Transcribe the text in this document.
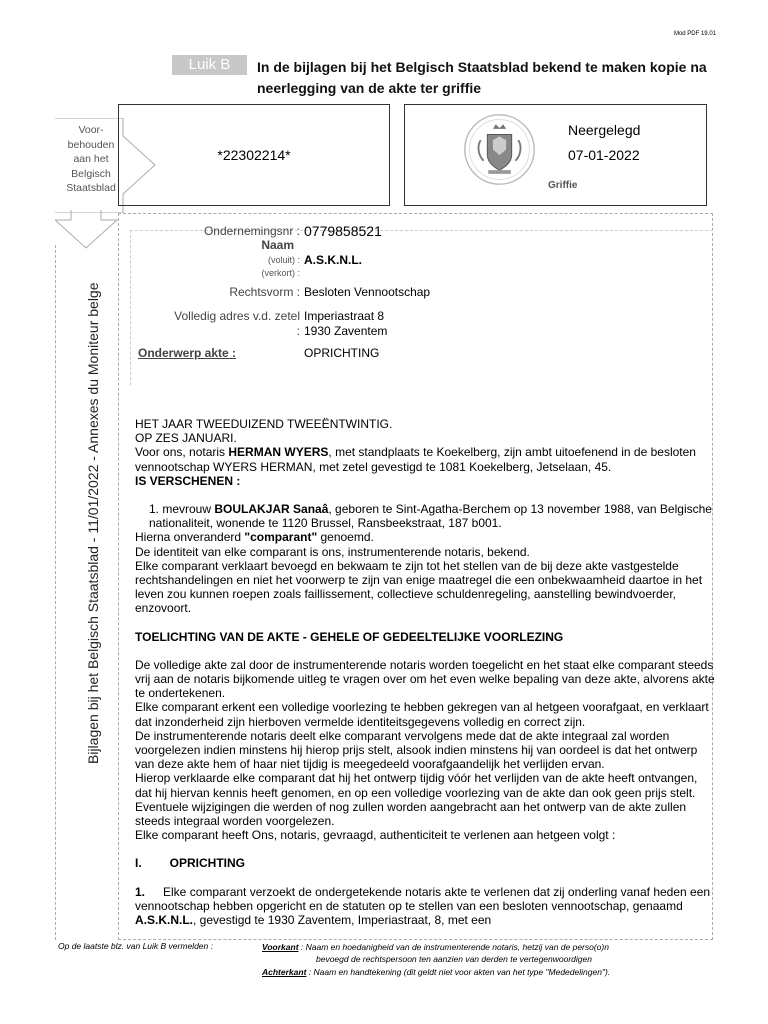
Mod PDF 19.01
Luik B	In de bijlagen bij het Belgisch Staatsblad bekend te maken kopie na neerlegging van de akte ter griffie
Voor-behouden aan het Belgisch Staatsblad
*22302214*
Neergelegd
07-01-2022
Griffie
Bijlagen bij het Belgisch Staatsblad - 11/01/2022 - Annexes du Moniteur belge
Ondernemingsnr : 0779858521
Naam
(voluit) : A.S.K.N.L.
(verkort) :
Rechtsvorm : Besloten Vennootschap
Volledig adres v.d. zetel Imperiastraat 8
: 1930 Zaventem
Onderwerp akte :	OPRICHTING

HET JAAR TWEEDUIZEND TWEEËNTWINTIG.

OP ZES JANUARI.

Voor ons, notaris HERMAN WYERS, met standplaats te Koekelberg, zijn ambt uitoefenend in de besloten vennootschap WYERS HERMAN, met zetel gevestigd te 1081 Koekelberg, Jetselaan, 45.

IS VERSCHENEN :

1. mevrouw BOULAKJAR Sanaâ, geboren te Sint-Agatha-Berchem op 13 november 1988, van Belgische nationaliteit, wonende te 1120 Brussel, Ransbeekstraat, 187 b001.

Hierna onveranderd "comparant" genoemd.

De identiteit van elke comparant is ons, instrumenterende notaris, bekend.

Elke comparant verklaart bevoegd en bekwaam te zijn tot het stellen van de bij deze akte vastgestelde rechtshandelingen en niet het voorwerp te zijn van enige maatregel die een onbekwaamheid daartoe in het leven zou kunnen roepen zoals faillissement, collectieve schuldenregeling, aanstelling bewindvoerder, enzovoort.

TOELICHTING VAN DE AKTE - GEHELE OF GEDEELTELIJKE VOORLEZING

De volledige akte zal door de instrumenterende notaris worden toegelicht en het staat elke comparant steeds vrij aan de notaris bijkomende uitleg te vragen over om het even welke bepaling van deze akte, alvorens akte te ondertekenen.

Elke comparant erkent een volledige voorlezing te hebben gekregen van al hetgeen voorafgaat, en verklaart dat inzonderheid zijn hierboven vermelde identiteitsgegevens volledig en correct zijn.

De instrumenterende notaris deelt elke comparant vervolgens mede dat de akte integraal zal worden voorgelezen indien minstens hij hierop prijs stelt, alsook indien minstens hij van oordeel is dat het ontwerp van deze akte hem of haar niet tijdig is meegedeeld voorafgaandelijk het verlijden ervan.

Hierop verklaarde elke comparant dat hij het ontwerp tijdig vóór het verlijden van de akte heeft ontvangen, dat hij hiervan kennis heeft genomen, en op een volledige voorlezing van de akte dan ook geen prijs stelt.

Eventuele wijzigingen die werden of nog zullen worden aangebracht aan het ontwerp van de akte zullen steeds integraal worden voorgelezen.

Elke comparant heeft Ons, notaris, gevraagd, authenticiteit te verlenen aan hetgeen volgt :

I. OPRICHTING

1. Elke comparant verzoekt de ondergetekende notaris akte te verlenen dat zij onderling vanaf heden een vennootschap hebben opgericht en de statuten op te stellen van een besloten vennootschap, genaamd A.S.K.N.L., gevestigd te 1930 Zaventem, Imperiastraat, 8, met een

Op de laatste blz. van Luik B vermelden :	Voorkant : Naam en hoedanigheid van de instrumenterende notaris, hetzij van de perso(o)n
bevoegd de rechtspersoon ten aanzien van derden te vertegenwoordigen
Achterkant : Naam en handtekening (dit geldt niet voor akten van het type "Mededelingen").
